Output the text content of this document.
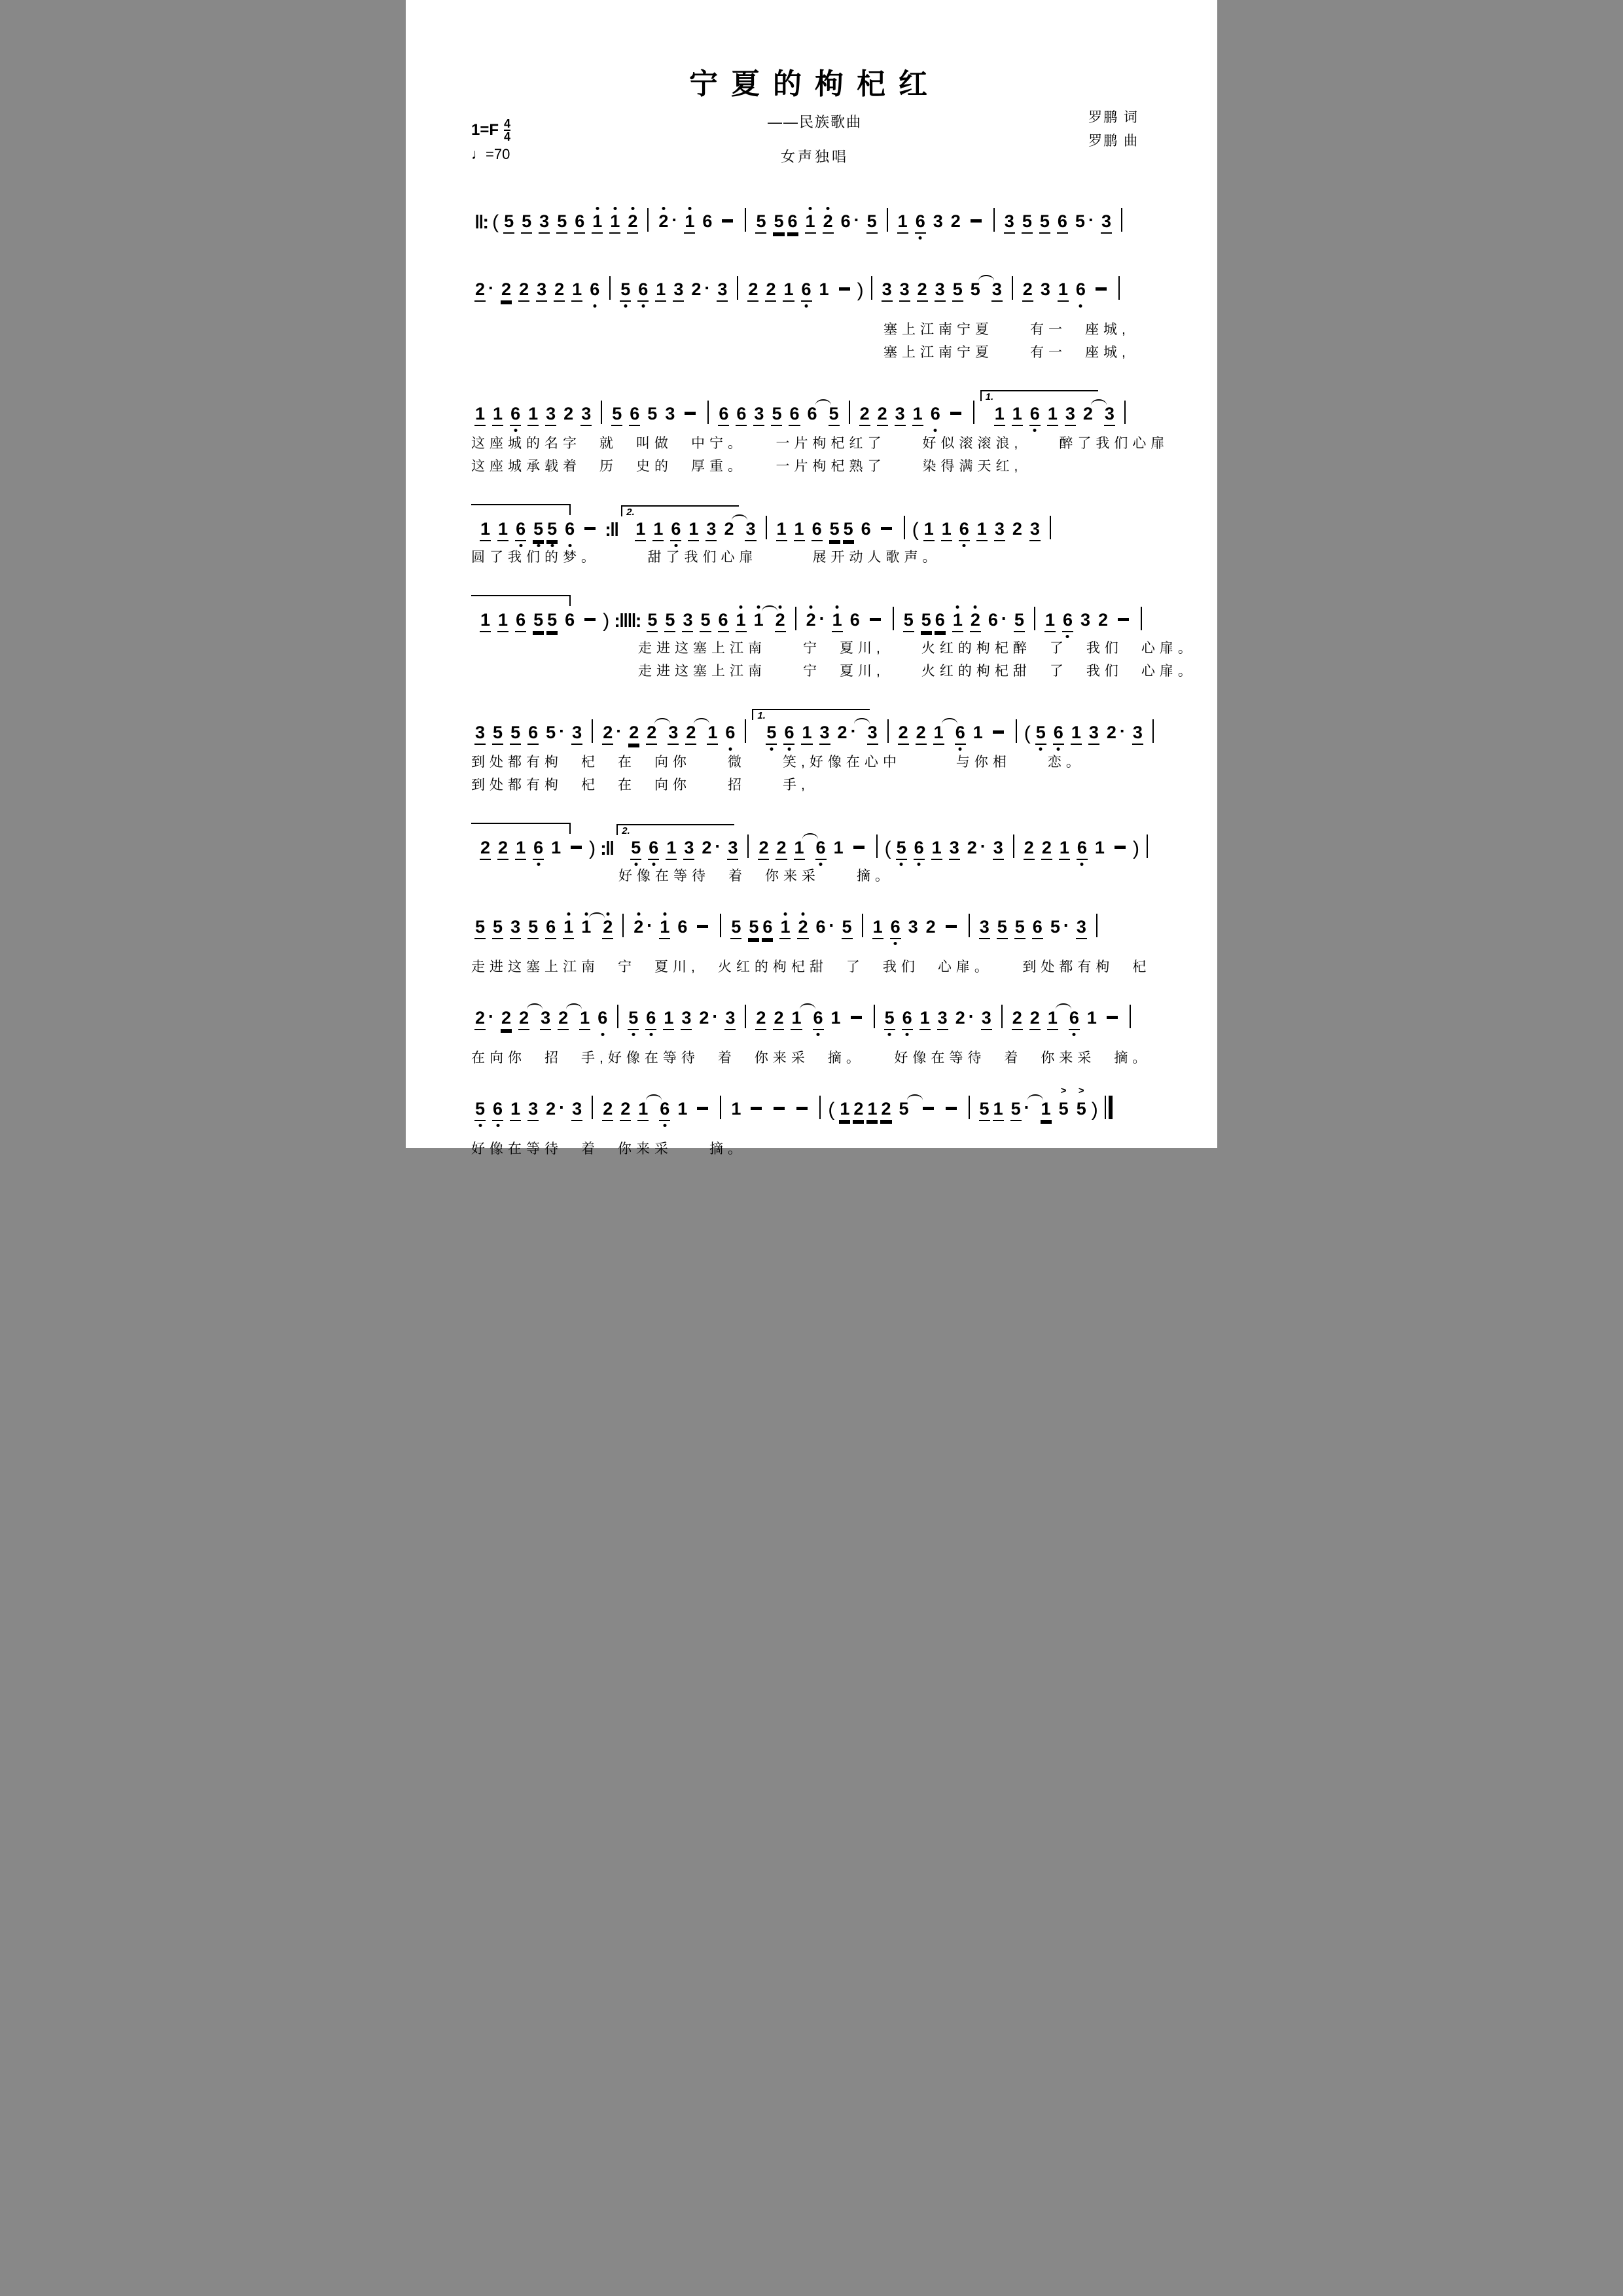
宁夏的枸杞红
$1=F \frac{4}{4}$
♩=70
——民族歌曲
女声独唱
罗鹏 词
罗鹏 曲
‖: ( 5 5 3 5 6 1 1 2 2 · 1 6 5 5 6 1 2 6 · 5 1 6 3 2 3 5 5 6 5 · 3
2 · 2 2 3 2 1 6 5 6 1 3 2 · 3 2 2 1 6 1 ) 3 3 2 3 5 5 3 2 3 1 6
塞上江南宁夏　　有一　座城,
塞上江南宁夏　　有一　座城,
1 1 6 1 3 2 3 5 6 5 3 6 6 3 5 6 6 5 2 2 3 1 61.1 1 6 1 3 2 3
这座城的名字　就　叫做　中宁。　　一片枸杞红了　　好似滚滚浪,　　醉了我们心扉
这座城承载着　历　史的　厚重。　　一片枸杞熟了　　染得满天红,
1 1 6 5 5 6 :‖2.1 1 6 1 3 2 3 1 1 6 5 5 6 ( 1 1 6 1 3 2 3
圆了我们的梦。　　　甜了我们心扉　　　展开动人歌声。
1 1 6 5 5 6 ) :‖‖: 5 5 3 5 6 1 1 2 2 · 1 6 5 5 6 1 2 6 · 5 1 6 3 2
走进这塞上江南　　宁　夏川,　　火红的枸杞醉　了　我们　心扉。
走进这塞上江南　　宁　夏川,　　火红的枸杞甜　了　我们　心扉。
3 5 5 6 5 · 3 2 · 2 2 3 2 1 61.5 6 1 3 2 · 3 2 2 1 6 1 ( 5 6 1 3 2 · 3
到处都有枸　杞　在　向你　　微　　笑,好像在心中　　　与你相　　恋。
到处都有枸　杞　在　向你　　招　　手,
2 2 1 6 1 ) :‖2.5 6 1 3 2 · 3 2 2 1 6 1 ( 5 6 1 3 2 · 3 2 2 1 6 1 )
好像在等待　着　你来采　　摘。
5 5 3 5 6 1 1 2 2 · 1 6 5 5 6 1 2 6 · 5 1 6 3 2 3 5 5 6 5 · 3
走进这塞上江南　宁　夏川,　火红的枸杞甜　了　我们　心扉。　　到处都有枸　杞
2 · 2 2 3 2 1 6 5 6 1 3 2 · 3 2 2 1 6 1 5 6 1 3 2 · 3 2 2 1 6 1
在向你　招　手,好像在等待　着　你来采　摘。　　好像在等待　着　你来采　摘。
5 6 1 3 2 · 3 2 2 1 6 1 1	( 1 2 1 2 5	5 1 5 · 1 5
>
5
>
)
好像在等待　着　你来采　　摘。
